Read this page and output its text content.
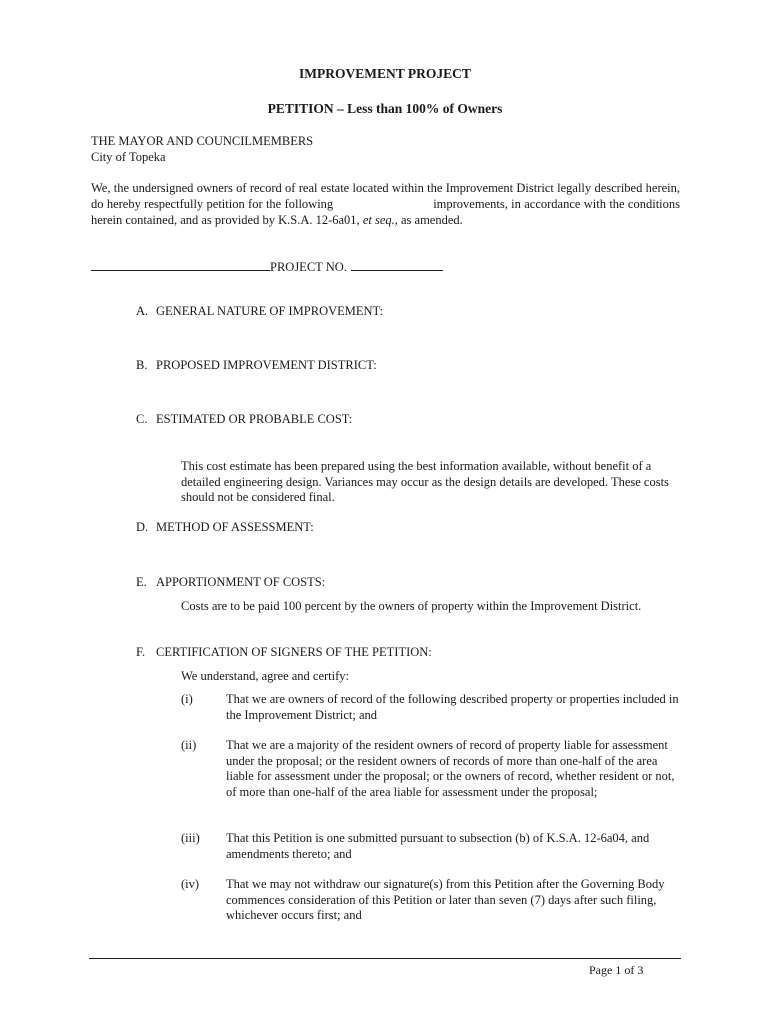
IMPROVEMENT PROJECT
PETITION – Less than 100% of Owners
THE MAYOR AND COUNCILMEMBERS
City of Topeka
We, the undersigned owners of record of real estate located within the Improvement District legally described herein, do hereby respectfully petition for the following	improvements, in accordance with the conditions herein contained, and as provided by K.S.A. 12-6a01, et seq., as amended.
PROJECT NO.
A. GENERAL NATURE OF IMPROVEMENT:
B. PROPOSED IMPROVEMENT DISTRICT:
C. ESTIMATED OR PROBABLE COST:
This cost estimate has been prepared using the best information available, without benefit of a detailed engineering design. Variances may occur as the design details are developed. These costs should not be considered final.
D. METHOD OF ASSESSMENT:
E. APPORTIONMENT OF COSTS:
Costs are to be paid 100 percent by the owners of property within the Improvement District.
F. CERTIFICATION OF SIGNERS OF THE PETITION:
We understand, agree and certify:
(i)	That we are owners of record of the following described property or properties included in the Improvement District; and
(ii) That we are a majority of the resident owners of record of property liable for assessment under the proposal; or the resident owners of records of more than one-half of the area liable for assessment under the proposal; or the owners of record, whether resident or not, of more than one-half of the area liable for assessment under the proposal;
(iii) That this Petition is one submitted pursuant to subsection (b) of K.S.A. 12-6a04, and amendments thereto; and
(iv) That we may not withdraw our signature(s) from this Petition after the Governing Body commences consideration of this Petition or later than seven (7) days after such filing, whichever occurs first; and
Page 1 of 3
